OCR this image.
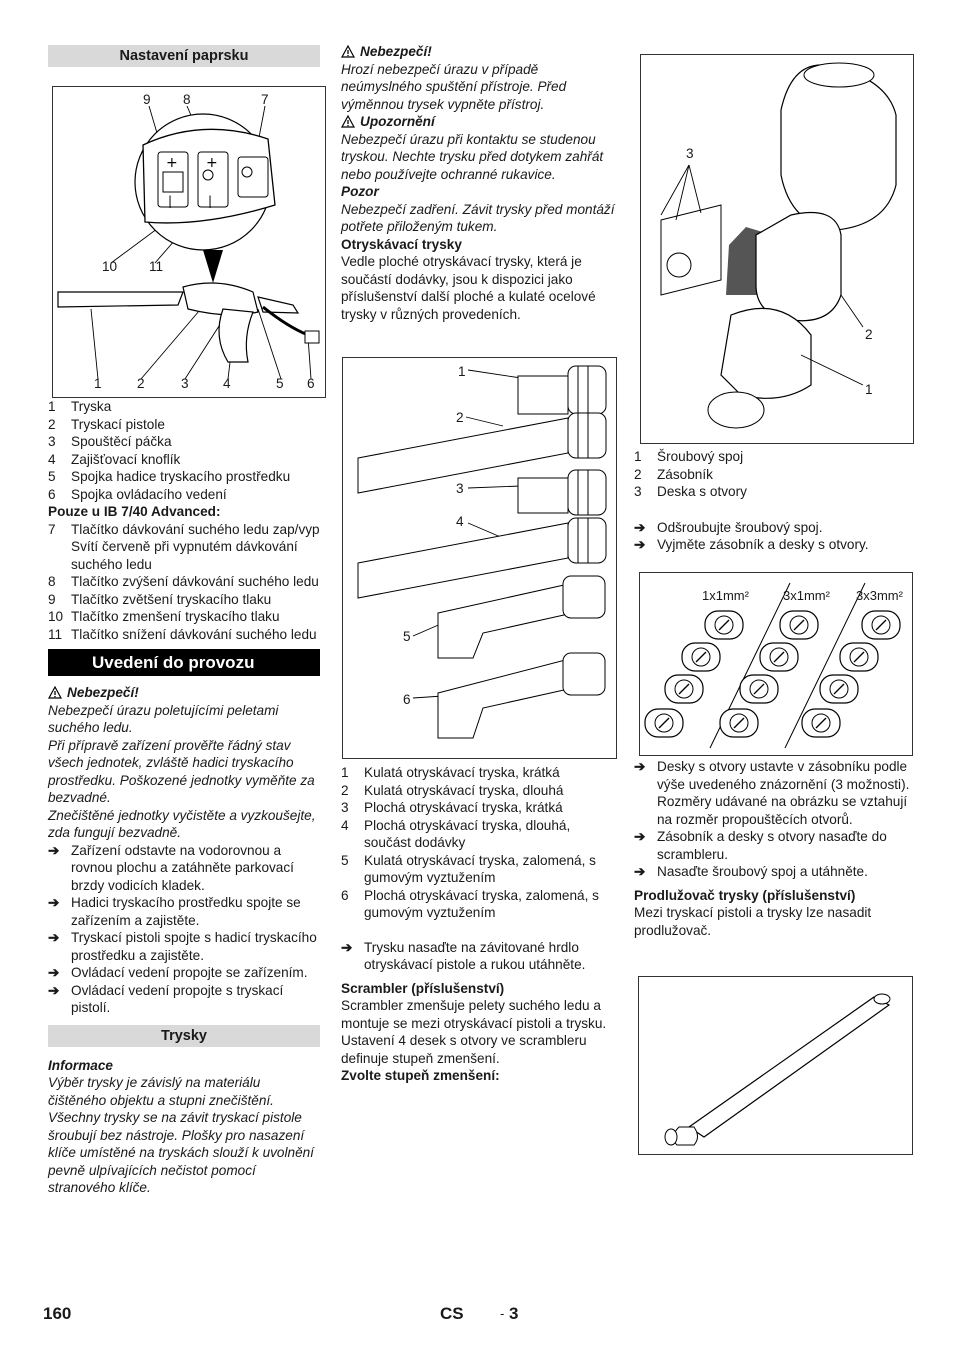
Nastavení paprsku
+
|
+
|
9 8	7
10 11
1	2	3	4	5 6
1 Tryska
2 Tryskací pistole
3 Spouštěcí páčka
4 Zajišťovací knoflík
5 Spojka hadice tryskacího prostředku
6 Spojka ovládacího vedení
Pouze u IB 7/40 Advanced:
7 Tlačítko dávkování suchého ledu zap/vyp
Svítí červeně při vypnutém dávkování suchého ledu
8 Tlačítko zvýšení dávkování suchého ledu
9 Tlačítko zvětšení tryskacího tlaku
10 Tlačítko zmenšení tryskacího tlaku
11 Tlačítko snížení dávkování suchého ledu
Uvedení do provozu
Nebezpečí!
Nebezpečí úrazu poletujícími peletami suchého ledu.
Při přípravě zařízení prověřte řádný stav všech jednotek, zvláště hadici tryskacího prostředku. Poškozené jednotky vyměňte za bezvadné.
Znečištěné jednotky vyčistěte a vyzkoušejte, zda fungují bezvadně.
➔ Zařízení odstavte na vodorovnou a rovnou plochu a zatáhněte parkovací brzdy vodicích kladek.
➔ Hadici tryskacího prostředku spojte se zařízením a zajistěte.
➔ Tryskací pistoli spojte s hadicí tryskacího prostředku a zajistěte.
➔ Ovládací vedení propojte se zařízením.
➔ Ovládací vedení propojte s tryskací pistolí.
Trysky
Informace
Výběr trysky je závislý na materiálu čištěného objektu a stupni znečištění.
Všechny trysky se na závit tryskací pistole šroubují bez nástroje. Plošky pro nasazení klíče umístěné na tryskách slouží k uvolnění pevně ulpívajících nečistot pomocí stranového klíče.
Nebezpečí!
Hrozí nebezpečí úrazu v případě neúmyslného spuštění přístroje. Před výměnnou trysek vypněte přístroj.
Upozornění
Nebezpečí úrazu při kontaktu se studenou tryskou. Nechte trysku před dotykem zahřát nebo používejte ochranné rukavice.
Pozor
Nebezpečí zadření. Závit trysky před montáží potřete přiloženým tukem.
Otryskávací trysky
Vedle ploché otryskávací trysky, která je součástí dodávky, jsou k dispozici jako příslušenství další ploché a kulaté ocelové trysky v různých provedeních.
1
2
3
4
5
6
1 Kulatá otryskávací tryska, krátká
2 Kulatá otryskávací tryska, dlouhá
3 Plochá otryskávací tryska, krátká
4 Plochá otryskávací tryska, dlouhá, součást dodávky
5 Kulatá otryskávací tryska, zalomená, s gumovým vyztužením
6 Plochá otryskávací tryska, zalomená, s gumovým vyztužením
➔ Trysku nasaďte na závitované hrdlo otryskávací pistole a rukou utáhněte.
Scrambler (příslušenství)
Scrambler zmenšuje pelety suchého ledu a montuje se mezi otryskávací pistoli a trysku.
Ustavení 4 desek s otvory ve scrambleru definuje stupeň zmenšení.
Zvolte stupeň zmenšení:
3
2
1
1 Šroubový spoj
2 Zásobník
3 Deska s otvory
➔ Odšroubujte šroubový spoj.
➔ Vyjměte zásobník a desky s otvory.
1x1mm²	3x1mm² 3x3mm²
➔ Desky s otvory ustavte v zásobníku podle výše uvedeného znázornění (3 možnosti). Rozměry udávané na obrázku se vztahují na rozměr propouštěcích otvorů.
➔ Zásobník a desky s otvory nasaďte do scrambleru.
➔ Nasaďte šroubový spoj a utáhněte.
Prodlužovač trysky (příslušenství)
Mezi tryskací pistoli a trysky lze nasadit prodlužovač.
160	CS	- 3
